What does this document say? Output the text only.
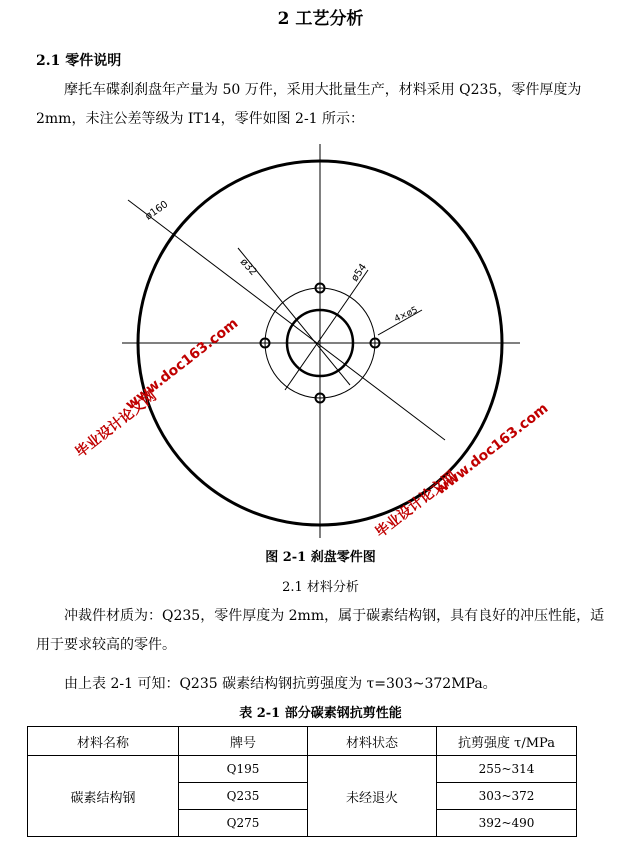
2 工艺分析
2.1 零件说明
摩托车碟刹刹盘年产量为 50 万件，采用大批量生产，材料采用 Q235，零件厚度为 2mm，未注公差等级为 IT14，零件如图 2-1 所示：
ø160
ø32	ø54
4×ø5
www.doc163.com
毕业设计论文网	www.doc163.com
毕业设计论文网
图 2-1 刹盘零件图
2.1 材料分析
冲裁件材质为：Q235，零件厚度为 2mm，属于碳素结构钢，具有良好的冲压性能，适用于要求较高的零件。
由上表 2-1 可知：Q235 碳素结构钢抗剪强度为 τ=303~372MPa。
表 2-1 部分碳素钢抗剪性能
材料名称	牌号	材料状态	抗剪强度 τ/MPa
碳素结构钢	Q195	未经退火	255~314
	Q235		303~372
	Q275		392~490
